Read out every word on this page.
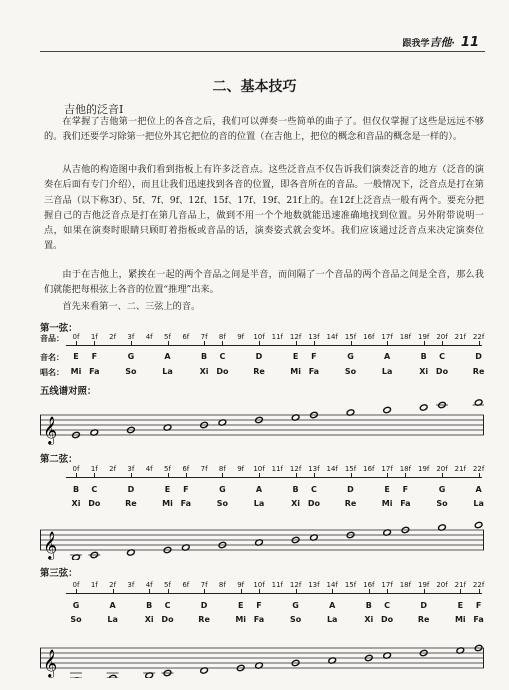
跟我学吉他· 11
二、基本技巧
吉他的泛音Ⅰ

在掌握了吉他第一把位上的各音之后，我们可以弹奏一些简单的曲子了。但仅仅掌握了这些是远远不够的。我们还要学习除第一把位外其它把位的音的位置（在吉他上，把位的概念和音品的概念是一样的）。

从吉他的构造图中我们看到指板上有许多泛音点。这些泛音点不仅告诉我们演奏泛音的地方（泛音的演奏在后面有专门介绍），而且让我们迅速找到各音的位置，即各音所在的音品。一般情况下，泛音点是打在第三音品（以下称3f）、5f、7f、9f、12f、15f、17f、19f、21f上的。在12f上泛音点一般有两个。要充分把握自己的吉他泛音点是打在第几音品上，做到不用一个个地数就能迅速准确地找到位置。另外附带说明一点，如果在演奏时眼睛只顾盯着指板或音品的话，演奏姿式就会变坏。我们应该通过泛音点来决定演奏位置。

由于在吉他上，紧挨在一起的两个音品之间是半音，而间隔了一个音品的两个音品之间是全音，那么我们就能把每根弦上各音的位置“推理”出来。

首先来看第一、二、三弦上的音。

第一弦：
音品： 0f 1f 2f 3f 4f 5f 6f 7f 8f 9f 10f 11f 12f 13f 14f 15f 16f 17f 18f 19f 20f 21f 22f
音名： E F	G	A	B C	D	E F	G	A	B C	D
唱名： Mi Fa	So	La	Xi Do	Re	Mi Fa	So	La	Xi Do	Re
五线谱对照：
𝄞
第二弦：
0f 1f 2f 3f 4f 5f 6f 7f 8f 9f 10f 11f 12f 13f 14f 15f 16f 17f 18f 19f 20f 21f 22f
B C	D	E F	G	A	B C	D	E F	G	A
Xi Do	Re	Mi Fa	So	La	Xi Do	Re	Mi Fa	So	La
𝄞
第三弦：
0f 1f 2f 3f 4f 5f 6f 7f 8f 9f 10f 11f 12f 13f 14f 15f 16f 17f 18f 19f 20f 21f 22f
G	A	B C	D	E F	G	A	B C	D	E F
So	La	Xi Do	Re	Mi Fa	So	La	Xi Do	Re	Mi Fa
𝄞
